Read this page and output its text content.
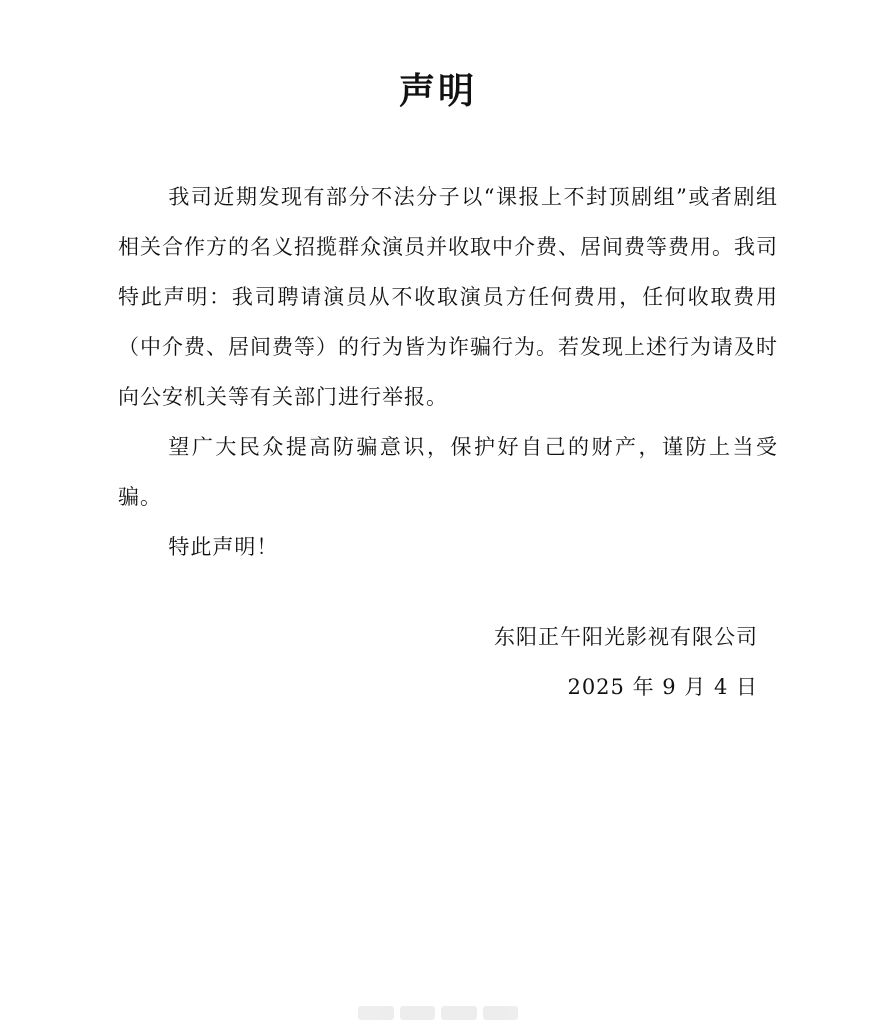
声明

我司近期发现有部分不法分子以“课报上不封顶剧组”或者剧组相关合作方的名义招揽群众演员并收取中介费、居间费等费用。我司特此声明：我司聘请演员从不收取演员方任何费用，任何收取费用（中介费、居间费等）的行为皆为诈骗行为。若发现上述行为请及时向公安机关等有关部门进行举报。

望广大民众提高防骗意识，保护好自己的财产，谨防上当受骗。

特此声明！

东阳正午阳光影视有限公司
2025 年 9 月 4 日
